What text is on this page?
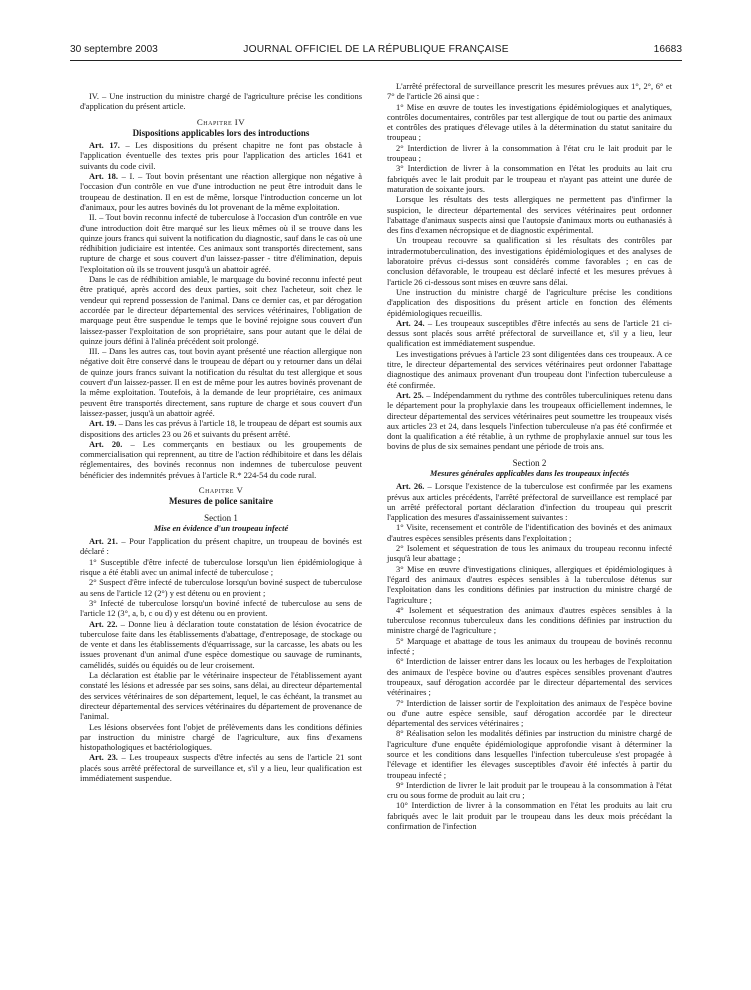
30 septembre 2003	JOURNAL OFFICIEL DE LA RÉPUBLIQUE FRANÇAISE	16683

IV. – Une instruction du ministre chargé de l'agriculture précise les conditions d'application du présent article.

Chapitre IV
Dispositions applicables lors des introductions

Art. 17. – Les dispositions du présent chapitre ne font pas obstacle à l'application éventuelle des textes pris pour l'application des articles 1641 et suivants du code civil.

Art. 18. – I. – Tout bovin présentant une réaction allergique non négative à l'occasion d'un contrôle en vue d'une introduction ne peut être introduit dans le troupeau de destination. Il en est de même, lorsque l'introduction concerne un lot d'animaux, pour les autres bovinés du lot provenant de la même exploitation.

II. – Tout bovin reconnu infecté de tuberculose à l'occasion d'un contrôle en vue d'une introduction doit être marqué sur les lieux mêmes où il se trouve dans les quinze jours francs qui suivent la notification du diagnostic, sauf dans le cas où une rédhibition judiciaire est intentée. Ces animaux sont transportés directement, sans rupture de charge et sous couvert d'un laissez-passer - titre d'élimination, depuis l'exploitation où ils se trouvent jusqu'à un abattoir agréé.

Dans le cas de rédhibition amiable, le marquage du boviné reconnu infecté peut être pratiqué, après accord des deux parties, soit chez l'acheteur, soit chez le vendeur qui reprend possession de l'animal. Dans ce dernier cas, et par dérogation accordée par le directeur départemental des services vétérinaires, l'obligation de marquage peut être suspendue le temps que le boviné rejoigne sous couvert d'un laissez-passer l'exploitation de son propriétaire, sans pour autant que le délai de quinze jours défini à l'alinéa précédent soit prolongé.

III. – Dans les autres cas, tout bovin ayant présenté une réaction allergique non négative doit être conservé dans le troupeau de départ ou y retourner dans un délai de quinze jours francs suivant la notification du résultat du test allergique et sous couvert d'un laissez-passer. Il en est de même pour les autres bovinés provenant de la même exploitation. Toutefois, à la demande de leur propriétaire, ces animaux peuvent être transportés directement, sans rupture de charge et sous couvert d'un laissez-passer, jusqu'à un abattoir agréé.

Art. 19. – Dans les cas prévus à l'article 18, le troupeau de départ est soumis aux dispositions des articles 23 ou 26 et suivants du présent arrêté.

Art. 20. – Les commerçants en bestiaux ou les groupements de commercialisation qui reprennent, au titre de l'action rédhibitoire et dans les délais réglementaires, des bovinés reconnus non indemnes de tuberculose peuvent bénéficier des indemnités prévues à l'article R.* 224-54 du code rural.

Chapitre V
Mesures de police sanitaire
Section 1
Mise en évidence d'un troupeau infecté

Art. 21. – Pour l'application du présent chapitre, un troupeau de bovinés est déclaré :

1° Susceptible d'être infecté de tuberculose lorsqu'un lien épidémiologique à risque a été établi avec un animal infecté de tuberculose ;

2° Suspect d'être infecté de tuberculose lorsqu'un boviné suspect de tuberculose au sens de l'article 12 (2°) y est détenu ou en provient ;

3° Infecté de tuberculose lorsqu'un boviné infecté de tuberculose au sens de l'article 12 (3°, a, b, c ou d) y est détenu ou en provient.

Art. 22. – Donne lieu à déclaration toute constatation de lésion évocatrice de tuberculose faite dans les établissements d'abattage, d'entreposage, de stockage ou de vente et dans les établissements d'équarrissage, sur la carcasse, les abats ou les issues provenant d'un animal d'une espèce domestique ou sauvage de ruminants, camélidés, suidés ou équidés ou de leur croisement.

La déclaration est établie par le vétérinaire inspecteur de l'établissement ayant constaté les lésions et adressée par ses soins, sans délai, au directeur départemental des services vétérinaires de son département, lequel, le cas échéant, la transmet au directeur départemental des services vétérinaires du département de provenance de l'animal.

Les lésions observées font l'objet de prélèvements dans les conditions définies par instruction du ministre chargé de l'agriculture, aux fins d'examens histopathologiques et bactériologiques.

Art. 23. – Les troupeaux suspects d'être infectés au sens de l'article 21 sont placés sous arrêté préfectoral de surveillance et, s'il y a lieu, leur qualification est immédiatement suspendue.

L'arrêté préfectoral de surveillance prescrit les mesures prévues aux 1°, 2°, 6° et 7° de l'article 26 ainsi que :

1° Mise en œuvre de toutes les investigations épidémiologiques et analytiques, contrôles documentaires, contrôles par test allergique de tout ou partie des animaux et contrôles des pratiques d'élevage utiles à la détermination du statut sanitaire du troupeau ;

2° Interdiction de livrer à la consommation à l'état cru le lait produit par le troupeau ;

3° Interdiction de livrer à la consommation en l'état les produits au lait cru fabriqués avec le lait produit par le troupeau et n'ayant pas atteint une durée de maturation de soixante jours.

Lorsque les résultats des tests allergiques ne permettent pas d'infirmer la suspicion, le directeur départemental des services vétérinaires peut ordonner l'abattage d'animaux suspects ainsi que l'autopsie d'animaux morts ou euthanasiés à des fins d'examen nécropsique et de diagnostic expérimental.

Un troupeau recouvre sa qualification si les résultats des contrôles par intradermotuberculination, des investigations épidémiologiques et des analyses de laboratoire prévus ci-dessus sont considérés comme favorables ; en cas de conclusion défavorable, le troupeau est déclaré infecté et les mesures prévues à l'article 26 ci-dessous sont mises en œuvre sans délai.

Une instruction du ministre chargé de l'agriculture précise les conditions d'application des dispositions du présent article en fonction des éléments épidémiologiques recueillis.

Art. 24. – Les troupeaux susceptibles d'être infectés au sens de l'article 21 ci-dessus sont placés sous arrêté préfectoral de surveillance et, s'il y a lieu, leur qualification est immédiatement suspendue.

Les investigations prévues à l'article 23 sont diligentées dans ces troupeaux. A ce titre, le directeur départemental des services vétérinaires peut ordonner l'abattage diagnostique des animaux provenant d'un troupeau dont l'infection tuberculeuse a été confirmée.

Art. 25. – Indépendamment du rythme des contrôles tuberculiniques retenu dans le département pour la prophylaxie dans les troupeaux officiellement indemnes, le directeur départemental des services vétérinaires peut soumettre les troupeaux visés aux articles 23 et 24, dans lesquels l'infection tuberculeuse n'a pas été confirmée et dont la qualification a été rétablie, à un rythme de prophylaxie annuel sur tous les bovins de plus de six semaines pendant une période de trois ans.

Section 2
Mesures générales applicables dans les troupeaux infectés

Art. 26. – Lorsque l'existence de la tuberculose est confirmée par les examens prévus aux articles précédents, l'arrêté préfectoral de surveillance est remplacé par un arrêté préfectoral portant déclaration d'infection du troupeau qui prescrit l'application des mesures d'assainissement suivantes :

1° Visite, recensement et contrôle de l'identification des bovinés et des animaux d'autres espèces sensibles présents dans l'exploitation ;

2° Isolement et séquestration de tous les animaux du troupeau reconnu infecté jusqu'à leur abattage ;

3° Mise en œuvre d'investigations cliniques, allergiques et épidémiologiques à l'égard des animaux d'autres espèces sensibles à la tuberculose détenus sur l'exploitation dans les conditions définies par instruction du ministre chargé de l'agriculture ;

4° Isolement et séquestration des animaux d'autres espèces sensibles à la tuberculose reconnus tuberculeux dans les conditions définies par instruction du ministre chargé de l'agriculture ;

5° Marquage et abattage de tous les animaux du troupeau de bovinés reconnu infecté ;

6° Interdiction de laisser entrer dans les locaux ou les herbages de l'exploitation des animaux de l'espèce bovine ou d'autres espèces sensibles provenant d'autres troupeaux, sauf dérogation accordée par le directeur départemental des services vétérinaires ;

7° Interdiction de laisser sortir de l'exploitation des animaux de l'espèce bovine ou d'une autre espèce sensible, sauf dérogation accordée par le directeur départemental des services vétérinaires ;

8° Réalisation selon les modalités définies par instruction du ministre chargé de l'agriculture d'une enquête épidémiologique approfondie visant à déterminer la source et les conditions dans lesquelles l'infection tuberculeuse s'est propagée à l'élevage et identifier les élevages susceptibles d'avoir été infectés à partir du troupeau infecté ;

9° Interdiction de livrer le lait produit par le troupeau à la consommation à l'état cru ou sous forme de produit au lait cru ;

10° Interdiction de livrer à la consommation en l'état les produits au lait cru fabriqués avec le lait produit par le troupeau dans les deux mois précédant la confirmation de l'infection
